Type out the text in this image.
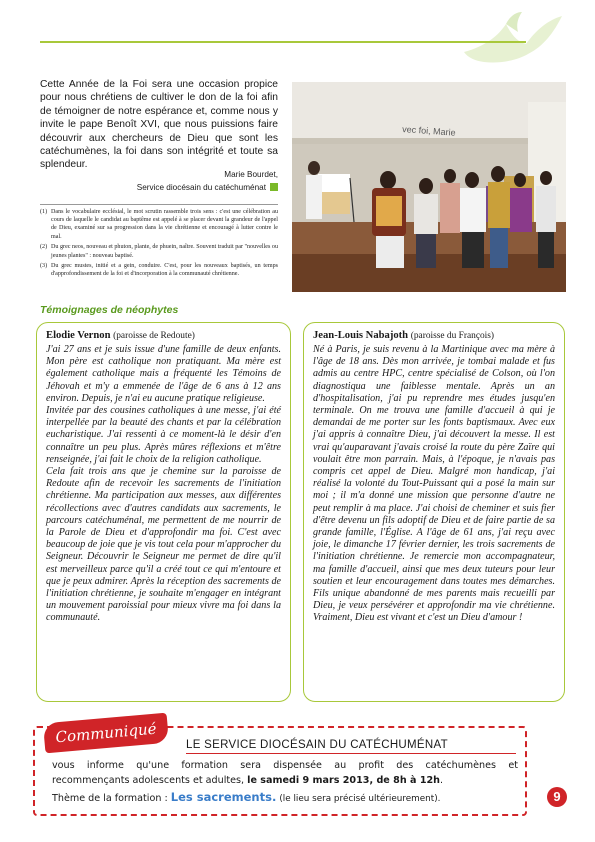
Cette Année de la Foi sera une occasion propice pour nous chrétiens de cultiver le don de la foi afin de témoigner de notre espérance et, comme nous y invite le pape Benoît XVI, que nous puissions faire découvrir aux chercheurs de Dieu que sont les catéchumènes, la foi dans son intégrité et toute sa splendeur.
Marie Bourdet,
Service diocésain du catéchuménat
(1) Dans le vocabulaire ecclésial, le mot scrutin rassemble trois sens : c'est une célébration au cours de laquelle le candidat au baptême est appelé à se placer devant la grandeur de l'appel de Dieu, examiné sur sa progression dans la vie chrétienne et encouragé à lutter contre le mal.
(2) Du grec neos, nouveau et phuton, plante, de phuein, naître. Souvent traduit par "nouvelles ou jeunes plantes" : nouveau baptisé.
(3) Du grec mustes, initié et a gein, conduire. C'est, pour les nouveaux baptisés, un temps d'approfondissement de la foi et d'incorporation à la communauté chrétienne.
vec foi, Marie
Témoignages de néophytes
Elodie Vernon (paroisse de Redoute)

J'ai 27 ans et je suis issue d'une famille de deux enfants. Mon père est catholique non pratiquant. Ma mère est également catholique mais a fréquenté les Témoins de Jéhovah et m'y a emmenée de l'âge de 6 ans à 12 ans environ. Depuis, je n'ai eu aucune pratique religieuse.

Invitée par des cousines catholiques à une messe, j'ai été interpellée par la beauté des chants et par la célébration eucharistique. J'ai ressenti à ce moment-là le désir d'en connaître un peu plus. Après mûres réflexions et m'être renseignée, j'ai fait le choix de la religion catholique.

Cela fait trois ans que je chemine sur la paroisse de Redoute afin de recevoir les sacrements de l'initiation chrétienne. Ma participation aux messes, aux différentes récollections avec d'autres candidats aux sacrements, le parcours catéchuménal, me permettent de me nourrir de la Parole de Dieu et d'approfondir ma foi. C'est avec beaucoup de joie que je vis tout cela pour m'approcher du Seigneur. Découvrir le Seigneur me permet de dire qu'il est merveilleux parce qu'il a créé tout ce qui m'entoure et que je peux admirer. Après la réception des sacrements de l'initiation chrétienne, je souhaite m'engager en intégrant un mouvement paroissial pour mieux vivre ma foi dans la communauté.

Jean-Louis Nabajoth (paroisse du François)

Né à Paris, je suis revenu à la Martinique avec ma mère à l'âge de 18 ans. Dès mon arrivée, je tombai malade et fus admis au centre HPC, centre spécialisé de Colson, où l'on diagnostiqua une faiblesse mentale. Après un an d'hospitalisation, j'ai pu reprendre mes études jusqu'en terminale. On me trouva une famille d'accueil à qui je demandai de me porter sur les fonts baptismaux. Avec eux j'ai appris à connaître Dieu, j'ai découvert la messe. Il est vrai qu'auparavant j'avais croisé la route du père Zaïre qui voulait être mon parrain. Mais, à l'époque, je n'avais pas compris cet appel de Dieu. Malgré mon handicap, j'ai réalisé la volonté du Tout-Puissant qui a posé la main sur moi ; il m'a donné une mission que personne d'autre ne peut remplir à ma place. J'ai choisi de cheminer et suis fier d'être devenu un fils adoptif de Dieu et de faire partie de sa grande famille, l'Église. A l'âge de 61 ans, j'ai reçu avec joie, le dimanche 17 février dernier, les trois sacrements de l'initiation chrétienne. Je remercie mon accompagnateur, ma famille d'accueil, ainsi que mes deux tuteurs pour leur soutien et leur encouragement dans toutes mes démarches. Fils unique abandonné de mes parents mais recueilli par Dieu, je veux persévérer et approfondir ma vie chrétienne. Vraiment, Dieu est vivant et c'est un Dieu d'amour !

Communiqué	LE SERVICE DIOCÉSAIN DU CATÉCHUMÉNAT
vous informe qu'une formation sera dispensée au profit des catéchumènes et
recommençants adolescents et adultes, le samedi 9 mars 2013, de 8h à 12h.
Thème de la formation : Les sacrements. (le lieu sera précisé ultérieurement).	9
